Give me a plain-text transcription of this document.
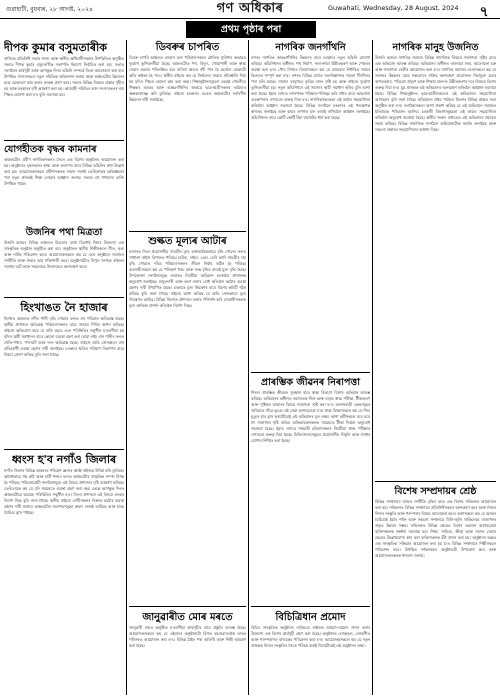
গুৱাহাটী, বুধবাৰ, ২৮ আগষ্ট, ২০২৪	গণ অধিকাৰ	Guwahati, Wednesday, 28 August, 2024	৭
প্ৰথম পৃষ্ঠাৰ পৰা
দীপক কুমাৰ বসুমতাৰীক
ৰাজ্যিক প্ৰতিনিধি সভাৰ সদস্য আৰু স্থানীয় অধিবাসীসকলৰ উপস্থিতিত অনুষ্ঠিত সভাত দীপক কুমাৰ বসুমতাৰীক সভাপতি হিচাপে নিৰ্বাচিত কৰা হয়। সভাত সংগঠনৰ কাৰ্যসূচী আৰু আগন্তুক দিনৰ আঁচনি সম্পৰ্কে বিতং আলোচনা কৰা হয়। উপস্থিত সদস্যসকলে নতুন সমিতিক অভিনন্দন জনায় আৰু অঞ্চলটোৰ উন্নয়নৰ হকে একেলগে কাম কৰাৰ সংকল্প গ্ৰহণ কৰে। সভাত বিভিন্ন বিষয়ত প্ৰস্তাৱ গৃহীত হয় আৰু চৰকাৰৰ দৃষ্টি আকৰ্ষণ কৰা হয়। কাৰ্যবাহী সমিতিৰ আন সদস্যসকলৰ নাম পিছত ঘোষণা কৰা হ'ব বুলি জনোৱা হয়।
যোগহীতক বৃদ্ধৰ কামনাৰ
অঞ্চলটোৰ প্ৰবীণ নাগৰিকসকলৰ সৈতে এক বিশেষ অনুষ্ঠানৰ আয়োজন কৰা হয়। অনুষ্ঠানত বৃদ্ধসকলৰ স্বাস্থ্য আৰু কল্যাণৰ বাবে বিভিন্ন আঁচনিৰ কথা উল্লেখ কৰা হয়। আয়োজকসকলে প্ৰবীণসকলক সন্মান জনাই তেওঁলোকৰ অভিজ্ঞতাৰ পৰা নতুন প্ৰজন্মই শিক্ষা লোৱাৰ আহ্বান জনায়। সভাত বহু গণ্যমান্য ব্যক্তি উপস্থিত থাকে।
উজনিৰ পথা মিত্ৰতা
উজনি অসমৰ বিভিন্ন অঞ্চলত মিত্ৰতাৰ বাৰ্তা বিয়পাই দিয়াৰ উদ্দেশ্যে এক সাংস্কৃতিক অনুষ্ঠান অনুষ্ঠিত কৰা হয়। অনুষ্ঠানত স্থানীয় শিল্পীসকলে গীত, নৃত্য আৰু নাটক পৰিৱেশন কৰে। আয়োজকসকলে কয় যে এনে অনুষ্ঠানে সমাজত সম্প্ৰীতি আৰু ঐক্যৰ ভাৱ শক্তিশালী কৰে। অনুষ্ঠানটোত বিপুল সংখ্যক ৰাইজৰ সমাগম ঘটে আৰু সকলোৱে উৎসাহেৰে অংশগ্ৰহণ কৰে।
হিংখাঙত নৈ হাজাৰ
হিংখাঙ অঞ্চলত নদীৰ পানী বৃদ্ধি পোৱাৰ ফলত বহু পৰিয়াল ক্ষতিগ্ৰস্ত হৈছে। স্থানীয় প্ৰশাসনে ক্ষতিগ্ৰস্ত পৰিয়ালসকলৰ বাবে সাহায্য শিবিৰ স্থাপন কৰিছে। ৰাইজে অভিযোগ কৰে যে প্ৰতি বছৰে এনে পৰিস্থিতিৰ সন্মুখীন হ'বলগীয়া হয় যদিও স্থায়ী সমাধানৰ বাবে কোনো ব্যৱস্থা গ্ৰহণ কৰা হোৱা নাই। বান পানীৰ ফলত খেতি-পথাৰ, পথ-ঘাট আৰু দলং ক্ষতিগ্ৰস্ত হৈছে। ৰাইজে অতি সোনকালে বান প্ৰতিৰোধী ব্যৱস্থা গ্ৰহণৰ দাবী জনাইছে। চৰকাৰে ক্ষতিৰ পৰিমাণ নিৰূপণৰ বাবে বিষয়া প্ৰেৰণ কৰিছে বুলি জনা গৈছে।
ধ্বংস হ'ব নগাঁও জিলাৰ
নগাঁও জিলাৰ বিভিন্ন অঞ্চলত পৰিৱেশ ধ্বংসৰ কাৰ্যই ৰাইজক উদ্বিগ্ন কৰি তুলিছে। অবৈধভাৱে গছ কটা আৰু মাটি খন্দাৰ ফলত অঞ্চলটোৰ প্ৰাকৃতিক সম্পদ বিপন্ন হৈ পৰিছে। পৰিৱেশপ্ৰেমী সংগঠনসমূহে এই বিষয়ে প্ৰশাসনৰ দৃষ্টি আকৰ্ষণ কৰিছে। তেওঁলোকে কয় যে যদি সময়মতে ব্যৱস্থা গ্ৰহণ কৰা নহয় তেন্তে আগন্তুক দিনত অঞ্চলটোৱে ভয়াৱহ পৰিস্থিতিৰ সন্মুখীন হ'ব। জিলা প্ৰশাসনে এই বিষয়ে তদন্তৰ নিৰ্দেশ দিছে বুলি জনা গৈছে। স্থানীয় ৰাইজে দোষীসকলৰ বিৰুদ্ধে কঠোৰ ব্যৱস্থা গ্ৰহণৰ দাবী জনায়। অঞ্চলটোৰ জলাশয়সমূহো ক্ৰমাৎ শুকাই আহিছে আৰু জৈৱ বৈচিত্ৰ্য হ্ৰাস পাইছে।
ডিবৰুৰ চাপৰিত
ডিবৰু চাপৰি অঞ্চলত বসবাস কৰা পৰিয়ালসকলে মৌলিক সুবিধাৰ অভাৱত দুৰ্ভোগ ভুগিবলগীয়া হৈছে। অঞ্চলটোত পথ, বিদ্যুৎ, খোৱাপানী আৰু স্বাস্থ্য সেৱাৰ অভাৱ পৰিলক্ষিত হয়। বাৰিষা কালত নদী পাৰ হৈ চহৰলৈ যোৱাটো অতি কষ্টকৰ হৈ পৰে। স্থানীয় ৰাইজে কয় যে নিৰ্বাচনৰ সময়ত প্ৰতিশ্ৰুতি দিয়া হয় যদিও পিছত কোনো কাম কৰা নহয়। শিক্ষানুষ্ঠানসমূহৰো অৱস্থা শোচনীয়। শিক্ষকৰ অভাৱ আৰু আন্তঃগাঁথনিৰ অভাৱে ছাত্ৰ-ছাত্ৰীসকলৰ ভৱিষ্যত অন্ধকাৰাচ্ছন্ন কৰি তুলিছে। ৰাইজে চৰকাৰৰ ওচৰত অঞ্চলটোৰ সৰ্বাংগীন উন্নয়নৰ দাবী জনাইছে।
শুল্কত মূল্যৰ আটাৰ
বজাৰত নিত্য প্ৰয়োজনীয় সামগ্ৰীৰ মূল্য অস্বাভাৱিকভাৱে বৃদ্ধি পোৱাৰ ফলত সাধাৰণ ৰাইজ বিপাঙত পৰিছে। চাউল, দাইল, তেল, চেনি আদি সামগ্ৰীৰ দাম বৃদ্ধি পোৱাত দৰিদ্ৰ পৰিয়ালসকলৰ জীৱন নিৰ্বাহ কঠিন হৈ পৰিছে। ব্যৱসায়ীসকলে কয় যে পৰিবহণ খৰচ আৰু শুল্ক বৃদ্ধিৰ বাবেই মূল্য বৃদ্ধি হৈছে। উপভোক্তা সংগঠনসমূহে বজাৰত নিয়মীয়া অভিযান চলাবলৈ প্ৰশাসনক অনুৰোধ জনাইছে। মজুতদাৰী আৰু কলা বজাৰ ৰোধ কৰিবলৈ কঠোৰ ব্যৱস্থা গ্ৰহণৰ দাবী উত্থাপিত হৈছে। চৰকাৰে মূল্য নিয়ন্ত্ৰণৰ বাবে বিশেষ কমিটি গঠন কৰিছে বুলি জনা গৈছে। ৰাইজে আশা কৰিছে যে অতি সোনকালে মূল্য নিয়ন্ত্ৰণত আহিব। বিভিন্ন জিলাত প্ৰশাসনে বজাৰ পৰিদৰ্শন কৰি দোকানীসকলক মূল্য তালিকা প্ৰদৰ্শন কৰিবলৈ নিৰ্দেশ দিছে।
জানুৱাৰীত মোৰ মৰতে
জানুৱাৰী মাহত অনুষ্ঠিত হ'বলগীয়া কাৰ্যসূচীৰ বাবে প্ৰস্তুতি আৰম্ভ হৈছে। আয়োজকসকলে কয় যে এইবাৰৰ অনুষ্ঠানটো বিগত বছৰবোৰতকৈ ডাঙৰ পৰিসৰত আয়োজন কৰা হ'ব। বিভিন্ন ঠাইৰ পৰা অতিথি আৰু শিল্পী আমন্ত্ৰণ কৰা হৈছে।
নাগৰিক জনগাঁথনি
নগৰৰ নাগৰিক আন্তঃগাঁথনিৰ উন্নয়নৰ বাবে চৰকাৰে নতুন আঁচনি ঘোষণা কৰিছে। আঁচনিখনৰ অধীনত পথ নিৰ্মাণ, নলা-নৰ্দমা উন্নীতকৰণ আৰু পোহৰৰ ব্যৱস্থা কৰা হ'ব। পৌৰ নিগমৰ বিষয়াসকলে কয় যে কামবোৰ নিৰ্ধাৰিত সময়ৰ ভিতৰত সম্পূৰ্ণ কৰা হ'ব। নগৰৰ বিভিন্ন ৱাৰ্ডত জলনিষ্কাশনৰ সমস্যা দীৰ্ঘদিনৰ পৰা চলি আছে। সামান্য বৰষুণতে কৃত্ৰিম বানৰ সৃষ্টি হয় আৰু ৰাইজে দুৰ্ভোগ ভুগিবলগীয়া হয়। নতুন আঁচনিখনে এই সমস্যাৰ স্থায়ী সমাধান কৰিব বুলি আশা কৰা হৈছে। ইয়াৰ লগতে নগৰখনক পৰিষ্কাৰ-পৰিচ্ছন্ন কৰি ৰখাৰ বাবে আৱৰ্জনা ব্যৱস্থাপনাৰ ওপৰতো গুৰুত্ব দিয়া হ'ব। নাগৰিকসকলকো এই কাৰ্যত সহযোগিতা কৰিবলৈ আহ্বান জনোৱা হৈছে। বিভিন্ন সংগঠনে চৰকাৰৰ এই পদক্ষেপক স্বাগতম জনাইছে আৰু কামৰ গুণগত মান বজাই ৰাখিবলৈ আহ্বান জনাইছে। আঁচনিখনৰ বাবে কোটি কোটি টকা বাজেটত ধাৰ্য কৰা হৈছে।
প্ৰাৰম্ভিক জীৱনৰ নিৰাপত্তা
শিশুৰ প্ৰাৰম্ভিক জীৱনৰ সুৰক্ষাৰ বাবে স্বাস্থ্য বিভাগে বিশেষ অভিযান আৰম্ভ কৰিছে। অভিযানৰ অধীনত নৱজাতক শিশু আৰু মাতৃৰ স্বাস্থ্য পৰীক্ষা, টীকাকৰণ আৰু পুষ্টিকৰ আহাৰৰ বিষয়ে সজাগতা সৃষ্টি কৰা হ'ব। অংগনবাড়ী কেন্দ্ৰসমূহৰ জৰিয়তে গাঁৱে-ভূঞে এই সেৱা আগবঢ়োৱা হ'ব। স্বাস্থ্য বিষয়াসকলে কয় যে শিশু মৃত্যুৰ হাৰ হ্ৰাস কৰাটোৱেই এই অভিযানৰ মূল লক্ষ্য। আশা কৰ্মীসকলে ঘৰে ঘৰে গৈ সজাগতা সৃষ্টি কৰিব। অভিভাৱকসকলক সময়মতে টীকা দিবলৈ অনুৰোধ জনোৱা হৈছে। ইয়াৰ লগতে গৰ্ভৱতী মহিলাসকলৰ নিয়মীয়া স্বাস্থ্য পৰীক্ষাৰ ওপৰতো গুৰুত্ব দিয়া হৈছে। চিকিৎসালয়সমূহত প্ৰয়োজনীয় সঁজুলি আৰু ঔষধৰ যোগান নিশ্চিত কৰা হৈছে।
বিচিত্ৰিধান প্ৰমোদ
বিচিত্ৰ সাংস্কৃতিক অনুষ্ঠানৰ জৰিয়তে ৰাইজক আমোদ-প্ৰমোদ প্ৰদান কৰাৰ উদ্দেশ্যে এক বিশেষ কাৰ্যসূচী গ্ৰহণ কৰা হৈছে। অনুষ্ঠানত লোকনৃত্য, লোকগীত আৰু পৰম্পৰাগত বাদ্যযন্ত্ৰৰ পৰিৱেশন কৰা হ'ব। আয়োজকসকলে কয় যে নতুন প্ৰজন্মক নিজৰ সংস্কৃতিৰ সৈতে পৰিচয় কৰাই দিয়াটোৱেই এই অনুষ্ঠানৰ লক্ষ্য।
নাগৰিক মানুহ উজনিত
উজনি অসমৰ নাগৰিক সমাজে বিভিন্ন সামাজিক বিষয়ত সজাগতা সৃষ্টিৰ বাবে এক অভিযান আৰম্ভ কৰিছে। অভিযানৰ অধীনত ৰাজহুৱা সভা, আলোচনা চক্ৰ আৰু সজাগতা ৰেলীৰ আয়োজন কৰা হ'ব। নাগৰিক সমাজৰ নেতাসকলে কয় যে সমাজৰ উন্নয়নৰ বাবে সকলোৰে সক্ৰিয় অংশগ্ৰহণ প্ৰয়োজন। নিচাযুক্ত দ্ৰব্যৰ অপব্যৱহাৰ, পৰিৱেশ প্ৰদূষণ আৰু শিক্ষাৰ মানদণ্ড উন্নীতকৰণৰ দৰে বিষয়ত বিশেষ গুৰুত্ব দিয়া হ'ব। যুৱ প্ৰজন্মক এই অভিযানত অংশগ্ৰহণ কৰিবলৈ আহ্বান জনোৱা হৈছে। বিভিন্ন শিক্ষানুষ্ঠানৰ ছাত্ৰ-ছাত্ৰীসকলেও এই অভিযানত সহযোগিতা আগবঢ়াব বুলি জনা গৈছে। অভিযানৰ প্ৰথম পৰ্যায়ত জিলাৰ বিভিন্ন প্ৰান্তত সভা অনুষ্ঠিত কৰা হ'ব। সংগঠকসকলে আশা প্ৰকাশ কৰিছে যে এই অভিযানে সমাজত ইতিবাচক পৰিৱৰ্তন আনিব। চৰকাৰী বিভাগসমূহকো এই কাৰ্যত সহযোগিতা কৰিবলৈ অনুৰোধ জনোৱা হৈছে। স্থানীয় সংবাদ মাধ্যমেও এই অভিযানৰ প্ৰচাৰত সহায় কৰিছে। বিভিন্ন সামাজিক সংগঠনে অভিযানটোক সমৰ্থন জনাইছে আৰু সকলো প্ৰকাৰৰ সহযোগিতাৰ আশ্বাস দিছে।
বিশেষ সম্প্ৰদায়ৰ শ্ৰেষ্ঠ
বিভিন্ন সম্প্ৰদায়ৰ মাজত সম্প্ৰীতি বৃদ্ধিৰ বাবে এক বিশেষ সন্মিলনৰ আয়োজন কৰা হয়। সন্মিলনত বিভিন্ন সম্প্ৰদায়ৰ প্ৰতিনিধিসকলে অংশগ্ৰহণ কৰে আৰু নিজৰ নিজৰ সংস্কৃতি আৰু পৰম্পৰাৰ বিষয়ে আলোচনা কৰে। বক্তাসকলে কয় যে অসমৰ বৈচিত্ৰ্যই ইয়াৰ শক্তি আৰু সকলো সম্প্ৰদায়ে মিলি-জুলি থাকিলেহে ৰাজ্যখনৰ প্ৰকৃত উন্নয়ন সম্ভৱ। সন্মিলনত বিভিন্ন ক্ষেত্ৰত বিশেষ অৱদান আগবঢ়োৱা ব্যক্তিসকলক সম্বৰ্ধনা জনোৱা হয়। শিক্ষা, সাহিত্য, ক্ৰীড়া আৰু সমাজ সেৱাৰ ক্ষেত্ৰত উল্লেখযোগ্য কাম কৰা ব্যক্তিসকলক বঁটা প্ৰদান কৰা হয়। অনুষ্ঠানৰ অন্তত এক সাংস্কৃতিক সন্ধিয়াৰ আয়োজন কৰা হয় য'ত বিভিন্ন সম্প্ৰদায়ৰ শিল্পীসকলে পৰিৱেশন কৰে। উপস্থিত দৰ্শকসকলে অনুষ্ঠানটো উপভোগ কৰে আৰু আয়োজকসকলক ধন্যবাদ জনায়।
